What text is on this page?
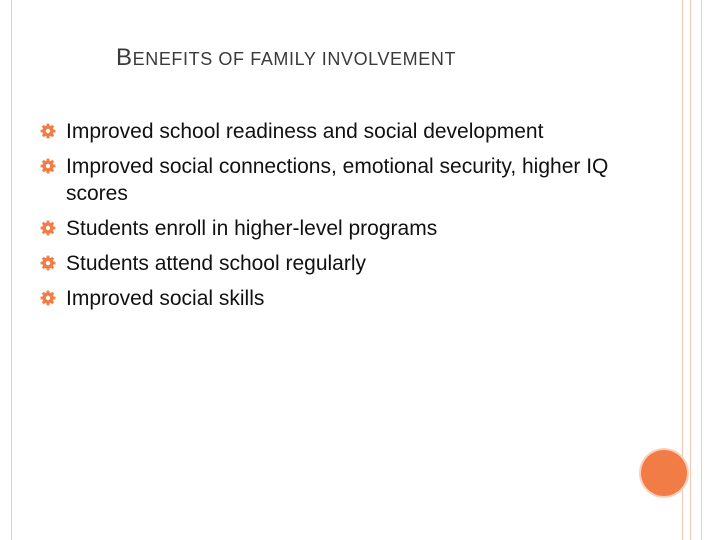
BENEFITS OF FAMILY INVOLVEMENT
Improved school readiness and social development
Improved social connections, emotional security, higher IQ scores
Students enroll in higher-level programs
Students attend school regularly
Improved social skills
